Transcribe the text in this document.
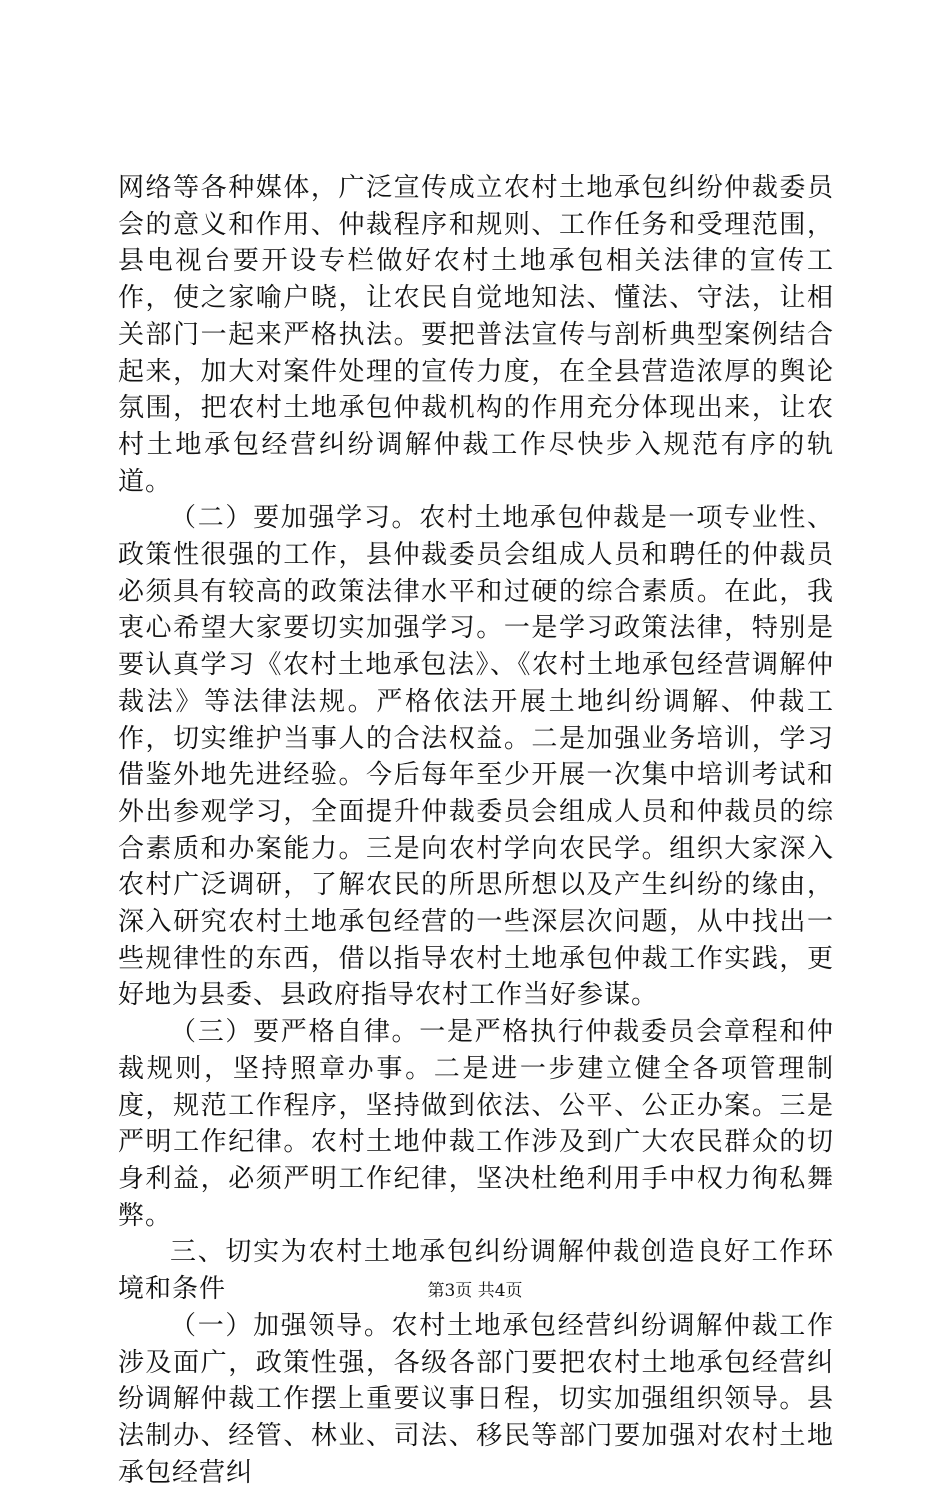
网络等各种媒体，广泛宣传成立农村土地承包纠纷仲裁委员会的意义和作用、仲裁程序和规则、工作任务和受理范围，县电视台要开设专栏做好农村土地承包相关法律的宣传工作，使之家喻户晓，让农民自觉地知法、懂法、守法，让相关部门一起来严格执法。要把普法宣传与剖析典型案例结合起来，加大对案件处理的宣传力度，在全县营造浓厚的舆论氛围，把农村土地承包仲裁机构的作用充分体现出来，让农村土地承包经营纠纷调解仲裁工作尽快步入规范有序的轨道。

（二）要加强学习。农村土地承包仲裁是一项专业性、政策性很强的工作，县仲裁委员会组成人员和聘任的仲裁员必须具有较高的政策法律水平和过硬的综合素质。在此，我衷心希望大家要切实加强学习。一是学习政策法律，特别是要认真学习《农村土地承包法》、《农村土地承包经营调解仲裁法》等法律法规。严格依法开展土地纠纷调解、仲裁工作，切实维护当事人的合法权益。二是加强业务培训，学习借鉴外地先进经验。今后每年至少开展一次集中培训考试和外出参观学习，全面提升仲裁委员会组成人员和仲裁员的综合素质和办案能力。三是向农村学向农民学。组织大家深入农村广泛调研，了解农民的所思所想以及产生纠纷的缘由，深入研究农村土地承包经营的一些深层次问题，从中找出一些规律性的东西，借以指导农村土地承包仲裁工作实践，更好地为县委、县政府指导农村工作当好参谋。

（三）要严格自律。一是严格执行仲裁委员会章程和仲裁规则，坚持照章办事。二是进一步建立健全各项管理制度，规范工作程序，坚持做到依法、公平、公正办案。三是严明工作纪律。农村土地仲裁工作涉及到广大农民群众的切身利益，必须严明工作纪律，坚决杜绝利用手中权力徇私舞弊。

三、切实为农村土地承包纠纷调解仲裁创造良好工作环境和条件

（一）加强领导。农村土地承包经营纠纷调解仲裁工作涉及面广，政策性强，各级各部门要把农村土地承包经营纠纷调解仲裁工作摆上重要议事日程，切实加强组织领导。县法制办、经管、林业、司法、移民等部门要加强对农村土地承包经营纠

第3页 共4页
